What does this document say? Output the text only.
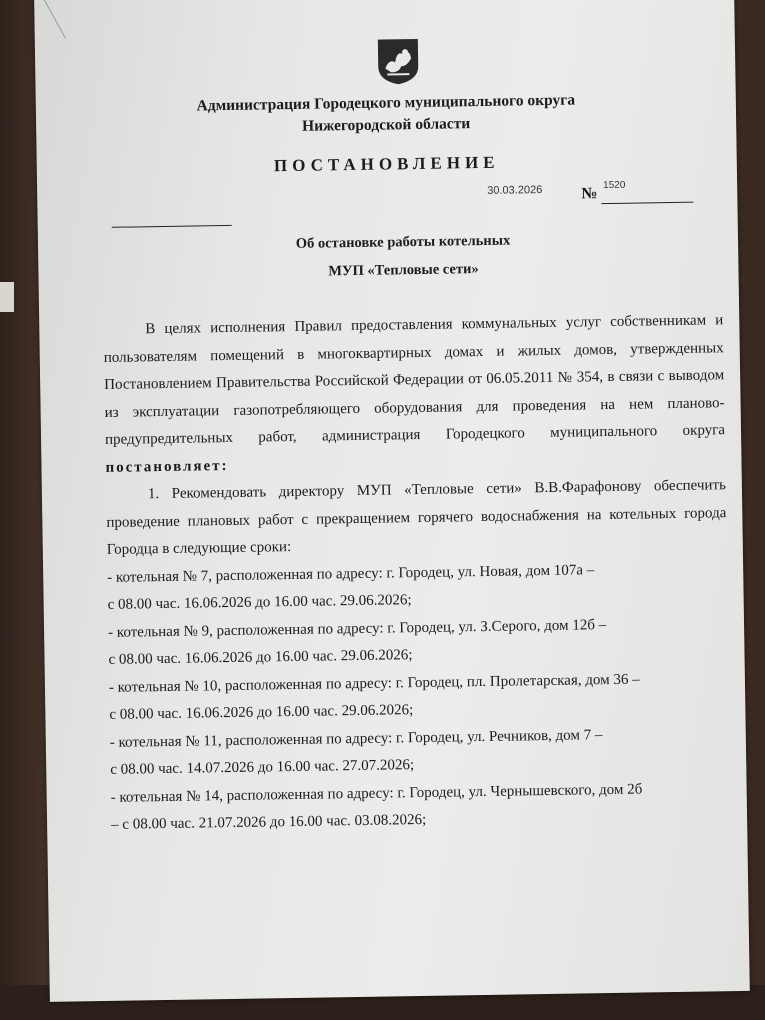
Администрация Городецкого муниципального округа
Нижегородской области
ПОСТАНОВЛЕНИЕ
30.03.2026 № 1520
Об остановке работы котельных
МУП «Тепловые сети»
В целях исполнения Правил предоставления коммунальных услуг собственникам и пользователям помещений в многоквартирных домах и жилых домов, утвержденных Постановлением Правительства Российской Федерации от 06.05.2011 № 354, в связи с выводом из эксплуатации газопотребляющего оборудования для проведения на нем планово-предупредительных работ, администрация Городецкого муниципального округа постановляет:
1. Рекомендовать директору МУП «Тепловые сети» В.В.Фарафонову обеспечить проведение плановых работ с прекращением горячего водоснабжения на котельных города Городца в следующие сроки:
- котельная № 7, расположенная по адресу: г. Городец, ул. Новая, дом 107а –
с 08.00 час. 16.06.2026 до 16.00 час. 29.06.2026;
- котельная № 9, расположенная по адресу: г. Городец, ул. З.Серого, дом 12б –
с 08.00 час. 16.06.2026 до 16.00 час. 29.06.2026;
- котельная № 10, расположенная по адресу: г. Городец, пл. Пролетарская, дом 36 –
с 08.00 час. 16.06.2026 до 16.00 час. 29.06.2026;
- котельная № 11, расположенная по адресу: г. Городец, ул. Речников, дом 7 –
с 08.00 час. 14.07.2026 до 16.00 час. 27.07.2026;
- котельная № 14, расположенная по адресу: г. Городец, ул. Чернышевского, дом 2б
– с 08.00 час. 21.07.2026 до 16.00 час. 03.08.2026;
